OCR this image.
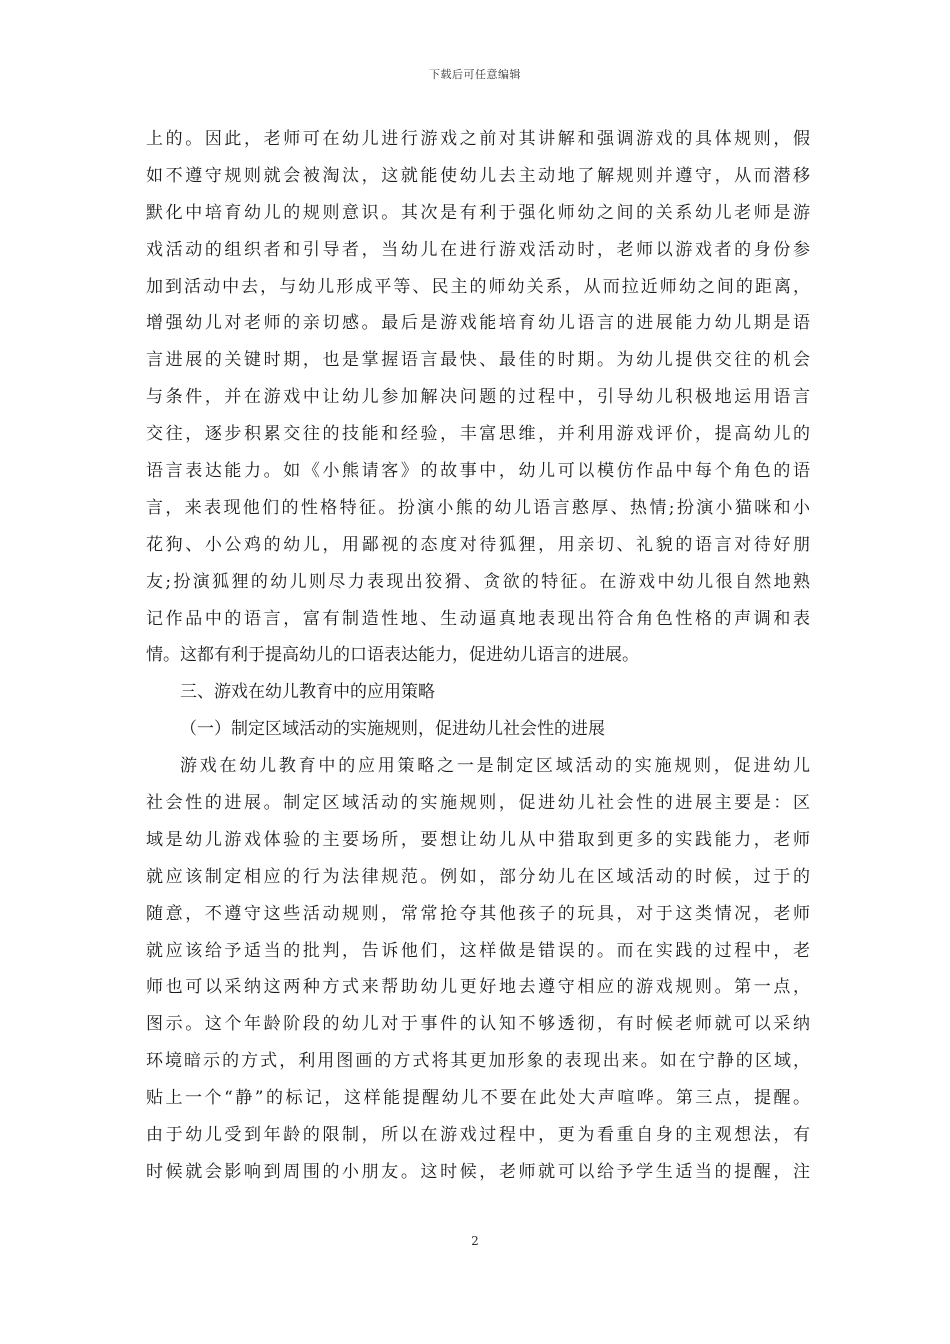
下载后可任意编辑
上的。因此，老师可在幼儿进行游戏之前对其讲解和强调游戏的具体规则，假
如不遵守规则就会被淘汰，这就能使幼儿去主动地了解规则并遵守，从而潜移
默化中培育幼儿的规则意识。其次是有利于强化师幼之间的关系幼儿老师是游
戏活动的组织者和引导者，当幼儿在进行游戏活动时，老师以游戏者的身份参
加到活动中去，与幼儿形成平等、民主的师幼关系，从而拉近师幼之间的距离，
增强幼儿对老师的亲切感。最后是游戏能培育幼儿语言的进展能力幼儿期是语
言进展的关键时期，也是掌握语言最快、最佳的时期。为幼儿提供交往的机会
与条件，并在游戏中让幼儿参加解决问题的过程中，引导幼儿积极地运用语言
交往，逐步积累交往的技能和经验，丰富思维，并利用游戏评价，提高幼儿的
语言表达能力。如《小熊请客》的故事中，幼儿可以模仿作品中每个角色的语
言，来表现他们的性格特征。扮演小熊的幼儿语言憨厚、热情;扮演小猫咪和小
花狗、小公鸡的幼儿，用鄙视的态度对待狐狸，用亲切、礼貌的语言对待好朋
友;扮演狐狸的幼儿则尽力表现出狡猾、贪欲的特征。在游戏中幼儿很自然地熟
记作品中的语言，富有制造性地、生动逼真地表现出符合角色性格的声调和表
情。这都有利于提高幼儿的口语表达能力，促进幼儿语言的进展。
三、游戏在幼儿教育中的应用策略
（一）制定区域活动的实施规则，促进幼儿社会性的进展
游戏在幼儿教育中的应用策略之一是制定区域活动的实施规则，促进幼儿
社会性的进展。制定区域活动的实施规则，促进幼儿社会性的进展主要是：区
域是幼儿游戏体验的主要场所，要想让幼儿从中猎取到更多的实践能力，老师
就应该制定相应的行为法律规范。例如，部分幼儿在区域活动的时候，过于的
随意，不遵守这些活动规则，常常抢夺其他孩子的玩具，对于这类情况，老师
就应该给予适当的批判，告诉他们，这样做是错误的。而在实践的过程中，老
师也可以采纳这两种方式来帮助幼儿更好地去遵守相应的游戏规则。第一点，
图示。这个年龄阶段的幼儿对于事件的认知不够透彻，有时候老师就可以采纳
环境暗示的方式，利用图画的方式将其更加形象的表现出来。如在宁静的区域，
贴上一个“静”的标记，这样能提醒幼儿不要在此处大声喧哗。第三点，提醒。
由于幼儿受到年龄的限制，所以在游戏过程中，更为看重自身的主观想法，有
时候就会影响到周围的小朋友。这时候，老师就可以给予学生适当的提醒，注
2
